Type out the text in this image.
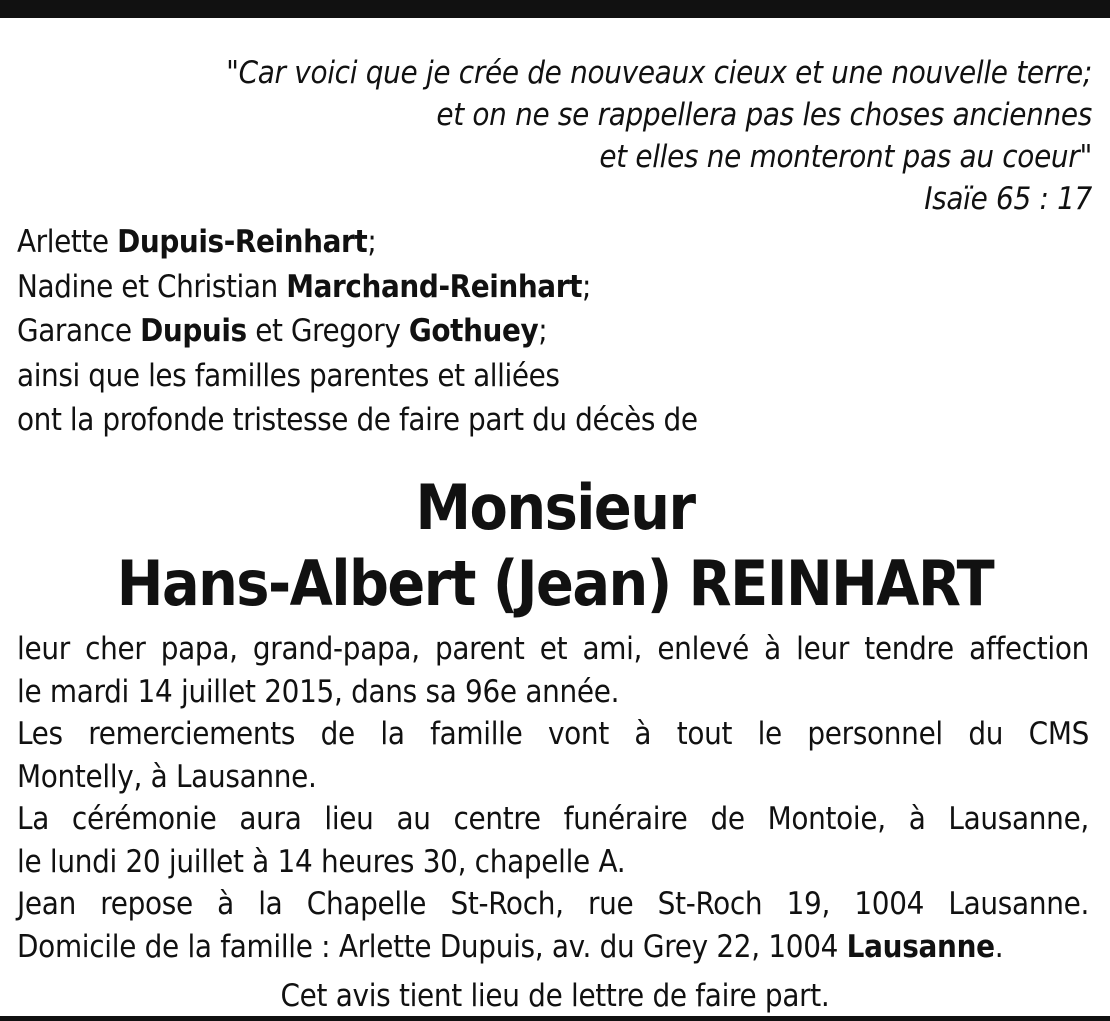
"Car voici que je crée de nouveaux cieux et une nouvelle terre;
et on ne se rappellera pas les choses anciennes
et elles ne monteront pas au coeur"
Isaïe 65 : 17
Arlette Dupuis-Reinhart;
Nadine et Christian Marchand-Reinhart;
Garance Dupuis et Gregory Gothuey;
ainsi que les familles parentes et alliées
ont la profonde tristesse de faire part du décès de
Monsieur
Hans-Albert (Jean) REINHART
leur cher papa, grand-papa, parent et ami, enlevé à leur tendre affection
le mardi 14 juillet 2015, dans sa 96e année.
Les remerciements de la famille vont à tout le personnel du CMS
Montelly, à Lausanne.
La cérémonie aura lieu au centre funéraire de Montoie, à Lausanne,
le lundi 20 juillet à 14 heures 30, chapelle A.
Jean repose à la Chapelle St-Roch, rue St-Roch 19, 1004 Lausanne.
Domicile de la famille : Arlette Dupuis, av. du Grey 22, 1004 Lausanne.
Cet avis tient lieu de lettre de faire part.
